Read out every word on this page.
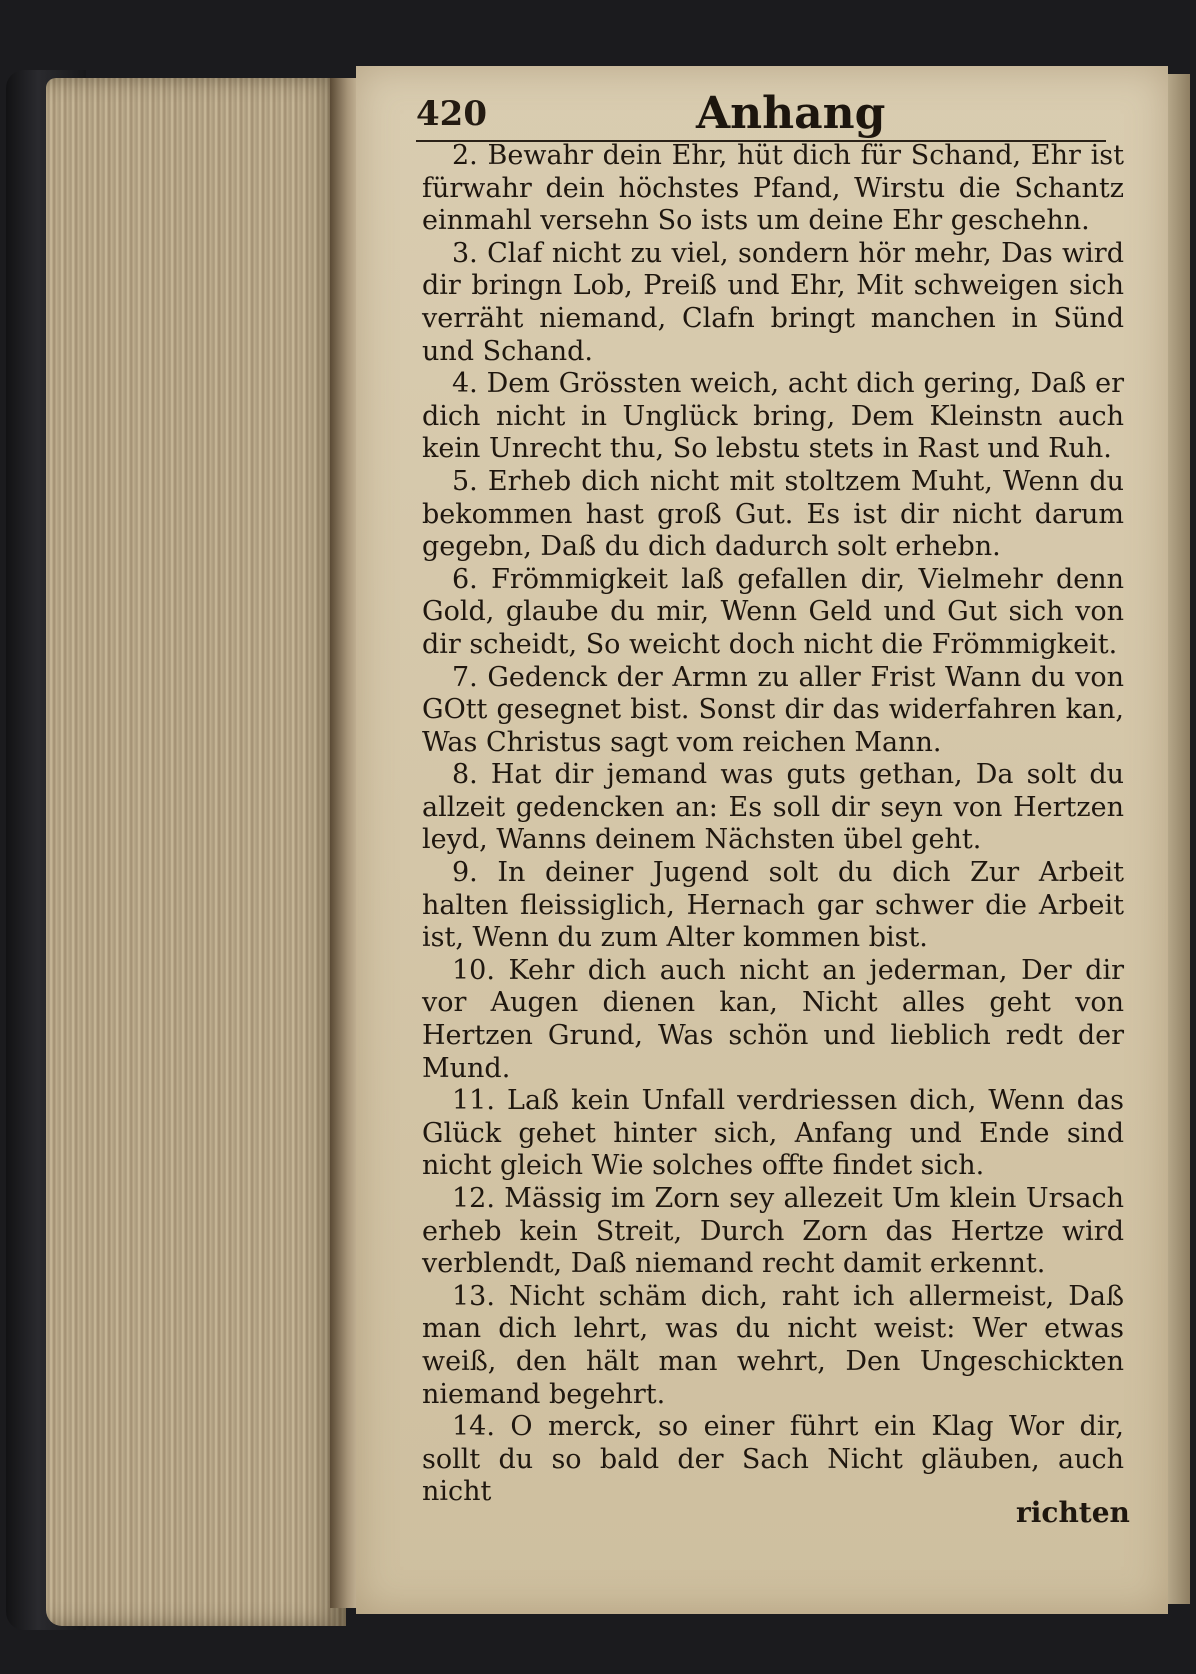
420	Anhang

2. Bewahr dein Ehr, hüt dich für Schand, Ehr ist fürwahr dein höchstes Pfand, Wirstu die Schantz einmahl versehn So ists um deine Ehr geschehn.

3. Claf nicht zu viel, sondern hör mehr, Das wird dir bringn Lob, Preiß und Ehr, Mit schweigen sich verräht niemand, Clafn bringt manchen in Sünd und Schand.

4. Dem Grössten weich, acht dich gering, Daß er dich nicht in Unglück bring, Dem Kleinstn auch kein Unrecht thu, So lebstu stets in Rast und Ruh.

5. Erheb dich nicht mit stoltzem Muht, Wenn du bekommen hast groß Gut. Es ist dir nicht darum gegebn, Daß du dich dadurch solt erhebn.

6. Frömmigkeit laß gefallen dir, Vielmehr denn Gold, glaube du mir, Wenn Geld und Gut sich von dir scheidt, So weicht doch nicht die Frömmigkeit.

7. Gedenck der Armn zu aller Frist Wann du von GOtt gesegnet bist. Sonst dir das widerfahren kan, Was Christus sagt vom reichen Mann.

8. Hat dir jemand was guts gethan, Da solt du allzeit gedencken an: Es soll dir seyn von Hertzen leyd, Wanns deinem Nächsten übel geht.

9. In deiner Jugend solt du dich Zur Arbeit halten fleissiglich, Hernach gar schwer die Arbeit ist, Wenn du zum Alter kommen bist.

10. Kehr dich auch nicht an jederman, Der dir vor Augen dienen kan, Nicht alles geht von Hertzen Grund, Was schön und lieblich redt der Mund.

11. Laß kein Unfall verdriessen dich, Wenn das Glück gehet hinter sich, Anfang und Ende sind nicht gleich Wie solches offte findet sich.

12. Mässig im Zorn sey allezeit Um klein Ursach erheb kein Streit, Durch Zorn das Hertze wird verblendt, Daß niemand recht damit erkennt.

13. Nicht schäm dich, raht ich allermeist, Daß man dich lehrt, was du nicht weist: Wer etwas weiß, den hält man wehrt, Den Ungeschickten niemand begehrt.

14. O merck, so einer führt ein Klag Wor dir, sollt du so bald der Sach Nicht gläuben, auch nicht

richten
